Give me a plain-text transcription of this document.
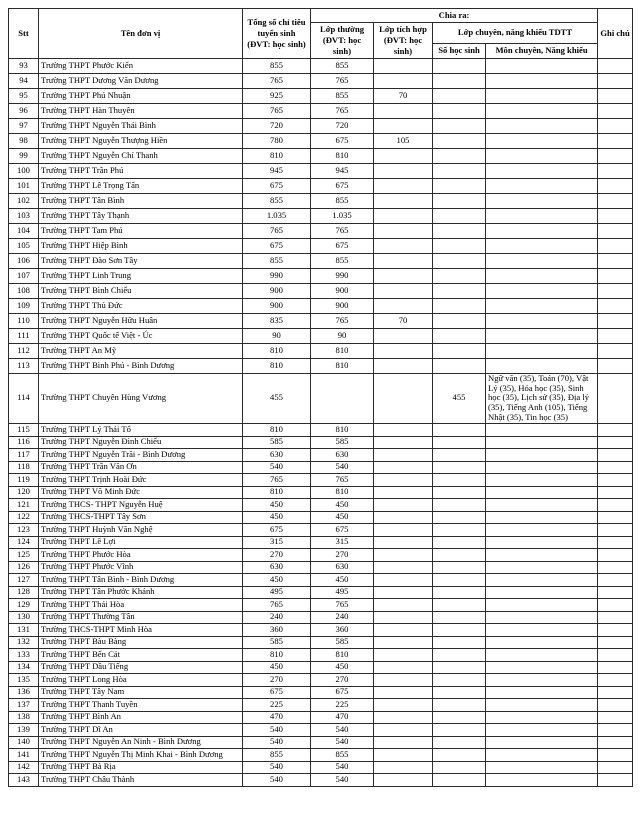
Stt	Tên đơn vị	Tổng số chỉ tiêu tuyển sinh (ĐVT: học sinh)	Chia ra:				Ghi chú
			Lớp thường (ĐVT: học sinh)	Lớp tích hợp (ĐVT: học sinh)	Lớp chuyên, năng khiếu TDTT		
					Số học sinh	Môn chuyên, Năng khiếu	
93	Trường THPT Phước Kiển	855	855				
94	Trường THPT Dương Văn Dương	765	765				
95	Trường THPT Phú Nhuận	925	855	70			
96	Trường THPT Hàn Thuyên	765	765				
97	Trường THPT Nguyễn Thái Bình	720	720				
98	Trường THPT Nguyễn Thượng Hiền	780	675	105			
99	Trường THPT Nguyễn Chí Thanh	810	810				
100	Trường THPT Trần Phú	945	945				
101	Trường THPT Lê Trọng Tấn	675	675				
102	Trường THPT Tân Bình	855	855				
103	Trường THPT Tây Thạnh	1.035	1.035				
104	Trường THPT Tam Phú	765	765				
105	Trường THPT Hiệp Bình	675	675				
106	Trường THPT Đào Sơn Tây	855	855				
107	Trường THPT Linh Trung	990	990				
108	Trường THPT Bình Chiểu	900	900				
109	Trường THPT Thủ Đức	900	900				
110	Trường THPT Nguyễn Hữu Huân	835	765	70			
111	Trường THPT Quốc tế Việt - Úc	90	90				
112	Trường THPT An Mỹ	810	810				
113	Trường THPT Bình Phú - Bình Dương	810	810				
114	Trường THPT Chuyên Hùng Vương	455			455	Ngữ văn (35), Toán (70), Vật Lý (35), Hóa học (35), Sinh học (35), Lịch sử (35), Địa lý (35), Tiếng Anh (105), Tiếng Nhật (35), Tin học (35)	
115	Trường THPT Lý Thái Tổ	810	810				
116	Trường THPT Nguyễn Đình Chiểu	585	585				
117	Trường THPT Nguyễn Trãi - Bình Dương	630	630				
118	Trường THPT Trần Văn Ơn	540	540				
119	Trường THPT Trịnh Hoài Đức	765	765				
120	Trường THPT Võ Minh Đức	810	810				
121	Trường THCS- THPT Nguyễn Huệ	450	450				
122	Trường THCS-THPT Tây Sơn	450	450				
123	Trường THPT Huỳnh Văn Nghệ	675	675				
124	Trường THPT Lê Lợi	315	315				
125	Trường THPT Phước Hòa	270	270				
126	Trường THPT Phước Vĩnh	630	630				
127	Trường THPT Tân Bình - Bình Dương	450	450				
128	Trường THPT Tân Phước Khánh	495	495				
129	Trường THPT Thái Hòa	765	765				
130	Trường THPT Thường Tân	240	240				
131	Trường THCS-THPT Minh Hòa	360	360				
132	Trường THPT Bàu Bàng	585	585				
133	Trường THPT Bến Cát	810	810				
134	Trường THPT Dầu Tiếng	450	450				
135	Trường THPT Long Hòa	270	270				
136	Trường THPT Tây Nam	675	675				
137	Trường THPT Thanh Tuyền	225	225				
138	Trường THPT Bình An	470	470				
139	Trường THPT Dĩ An	540	540				
140	Trường THPT Nguyễn An Ninh - Bình Dương	540	540				
141	Trường THPT Nguyễn Thị Minh Khai - Bình Dương	855	855				
142	Trường THPT Bà Rịa	540	540				
143	Trường THPT Châu Thành	540	540				
